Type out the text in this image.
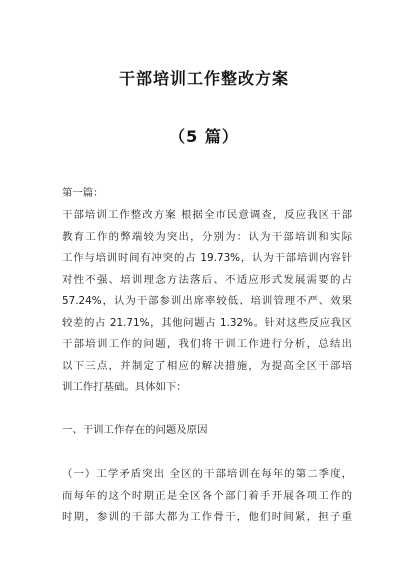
干部培训工作整改方案
（5 篇）
第一篇：
干部培训工作整改方案 根据全市民意调查，反应我区干部
教育工作的弊端较为突出，分别为：认为干部培训和实际
工作与培训时间有冲突的占 19.73%，认为干部培训内容针
对性不强、培训理念方法落后、不适应形式发展需要的占
57.24%，认为干部参训出席率较低、培训管理不严、效果
较差的占 21.71%，其他问题占 1.32%。针对这些反应我区
干部培训工作的问题，我们将干训工作进行分析，总结出
以下三点，并制定了相应的解决措施，为提高全区干部培
训工作打基础。具体如下：
一、干训工作存在的问题及原因
（一）工学矛盾突出 全区的干部培训在每年的第二季度，
而每年的这个时期正是全区各个部门着手开展各项工作的
时期，参训的干部大都为工作骨干，他们时间紧，担子重
